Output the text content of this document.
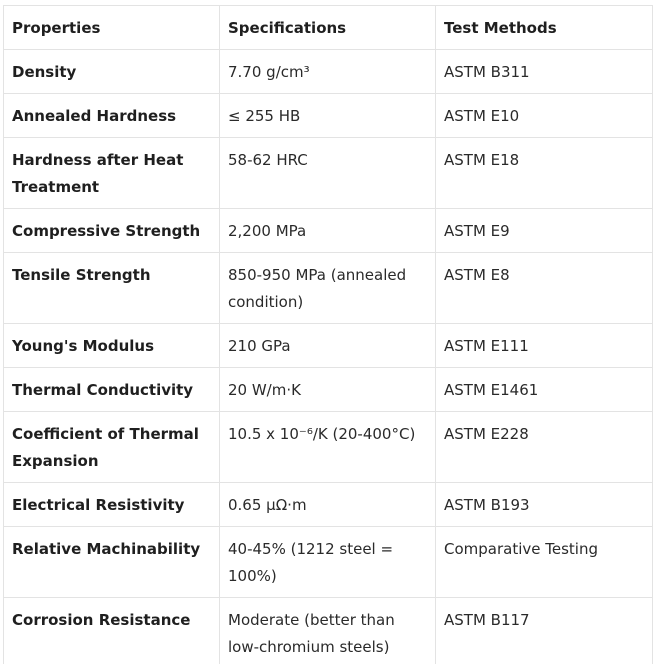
Properties	Specifications	Test Methods
Density	7.70 g/cm³	ASTM B311
Annealed Hardness	≤ 255 HB	ASTM E10
Hardness after Heat Treatment	58-62 HRC	ASTM E18
Compressive Strength	2,200 MPa	ASTM E9
Tensile Strength	850-950 MPa (annealed condition)	ASTM E8
Young's Modulus	210 GPa	ASTM E111
Thermal Conductivity	20 W/m·K	ASTM E1461
Coefficient of Thermal Expansion	10.5 x 10⁻⁶/K (20-400°C)	ASTM E228
Electrical Resistivity	0.65 μΩ·m	ASTM B193
Relative Machinability	40-45% (1212 steel = 100%)	Comparative Testing
Corrosion Resistance	Moderate (better than low-chromium steels)	ASTM B117
